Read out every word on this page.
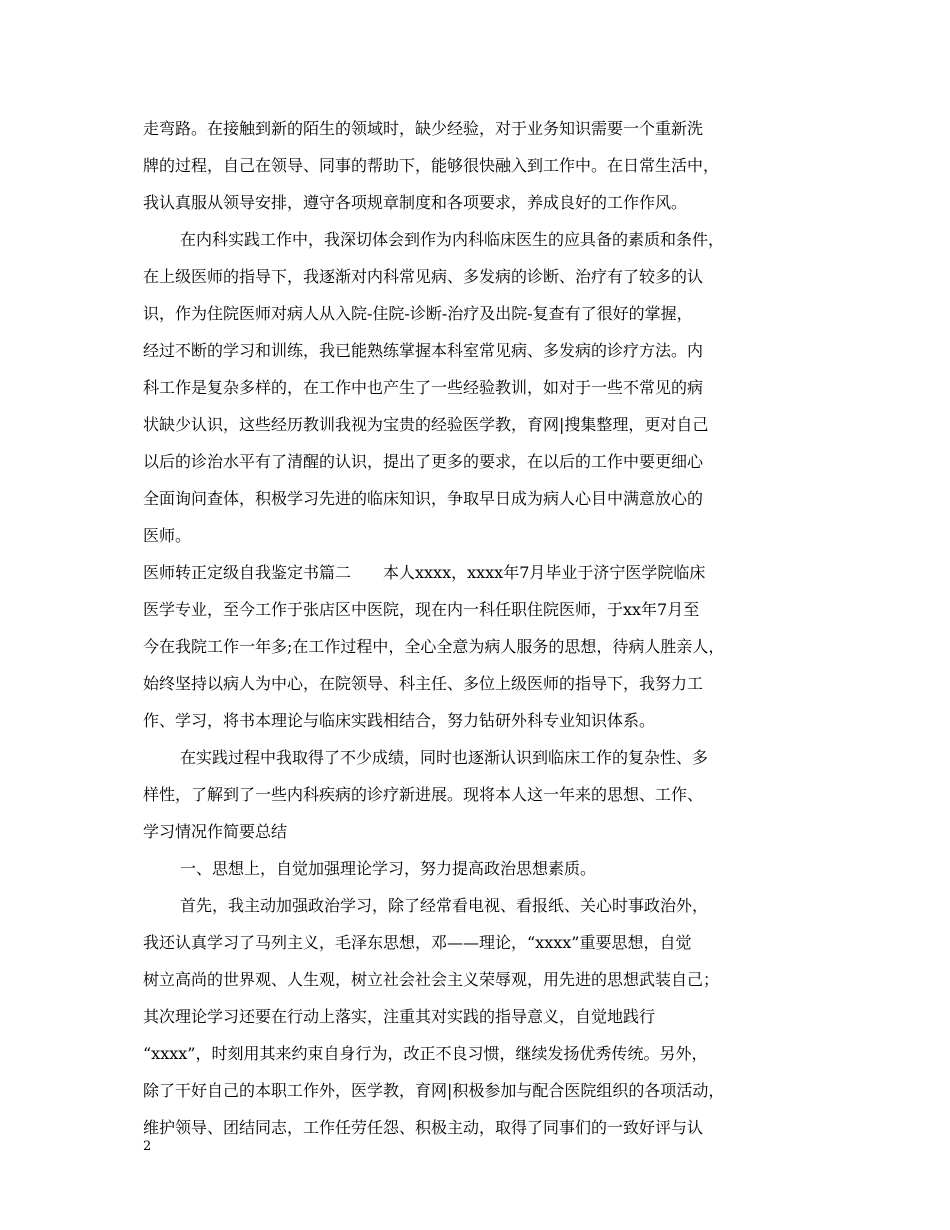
走弯路。在接触到新的陌生的领域时，缺少经验，对于业务知识需要一个重新洗
牌的过程，自己在领导、同事的帮助下，能够很快融入到工作中。在日常生活中，
我认真服从领导安排，遵守各项规章制度和各项要求，养成良好的工作作风。
在内科实践工作中，我深切体会到作为内科临床医生的应具备的素质和条件，
在上级医师的指导下，我逐渐对内科常见病、多发病的诊断、治疗有了较多的认
识，作为住院医师对病人从入院-住院-诊断-治疗及出院-复查有了很好的掌握，
经过不断的学习和训练，我已能熟练掌握本科室常见病、多发病的诊疗方法。内
科工作是复杂多样的，在工作中也产生了一些经验教训，如对于一些不常见的病
状缺少认识，这些经历教训我视为宝贵的经验医学教，育网|搜集整理，更对自己
以后的诊治水平有了清醒的认识，提出了更多的要求，在以后的工作中要更细心
全面询问查体，积极学习先进的临床知识，争取早日成为病人心目中满意放心的
医师。
医师转正定级自我鉴定书篇二　　本人xxxx，xxxx年7月毕业于济宁医学院临床
医学专业，至今工作于张店区中医院，现在内一科任职住院医师，于xx年7月至
今在我院工作一年多;在工作过程中，全心全意为病人服务的思想，待病人胜亲人，
始终坚持以病人为中心，在院领导、科主任、多位上级医师的指导下，我努力工
作、学习，将书本理论与临床实践相结合，努力钻研外科专业知识体系。
在实践过程中我取得了不少成绩，同时也逐渐认识到临床工作的复杂性、多
样性，了解到了一些内科疾病的诊疗新进展。现将本人这一年来的思想、工作、
学习情况作简要总结
一、思想上，自觉加强理论学习，努力提高政治思想素质。
首先，我主动加强政治学习，除了经常看电视、看报纸、关心时事政治外，
我还认真学习了马列主义，毛泽东思想，邓——理论，“xxxx”重要思想，自觉
树立高尚的世界观、人生观，树立社会社会主义荣辱观，用先进的思想武装自己；
其次理论学习还要在行动上落实，注重其对实践的指导意义，自觉地践行
“xxxx”，时刻用其来约束自身行为，改正不良习惯，继续发扬优秀传统。另外，
除了干好自己的本职工作外，医学教，育网|积极参加与配合医院组织的各项活动，
维护领导、团结同志，工作任劳任怨、积极主动，取得了同事们的一致好评与认
2
